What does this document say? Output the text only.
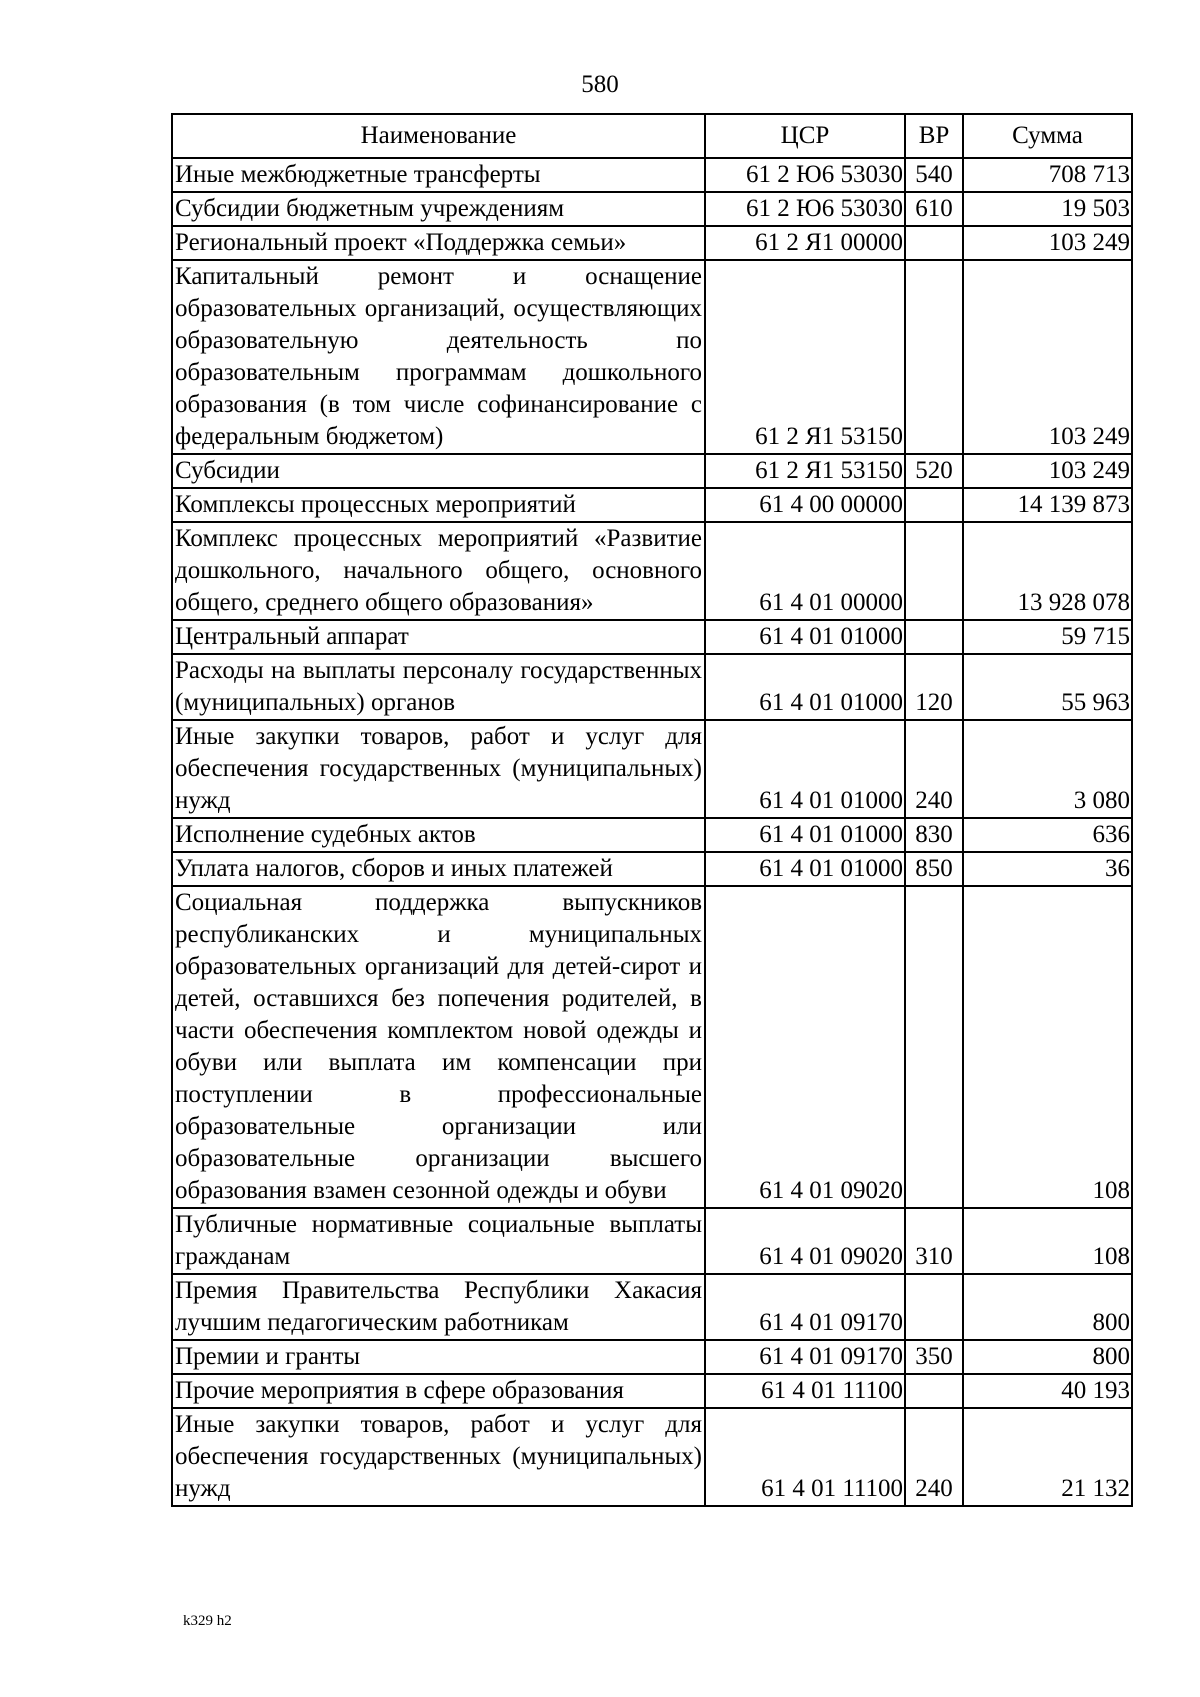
580
Наименование	ЦСР	ВР	Сумма
Иные межбюджетные трансферты	61 2 Ю6 53030	540	708 713
Субсидии бюджетным учреждениям	61 2 Ю6 53030	610	19 503
Региональный проект «Поддержка семьи»	61 2 Я1 00000		103 249
Капитальный ремонт и оснащение образовательных организаций, осуществляющих образовательную деятельность по образовательным программам дошкольного образования (в том числе софинансирование с федеральным бюджетом)	61 2 Я1 53150		103 249
Субсидии	61 2 Я1 53150	520	103 249
Комплексы процессных мероприятий	61 4 00 00000		14 139 873
Комплекс процессных мероприятий «Развитие дошкольного, начального общего, основного общего, среднего общего образования»	61 4 01 00000		13 928 078
Центральный аппарат	61 4 01 01000		59 715
Расходы на выплаты персоналу государственных (муниципальных) органов	61 4 01 01000	120	55 963
Иные закупки товаров, работ и услуг для обеспечения государственных (муниципальных) нужд	61 4 01 01000	240	3 080
Исполнение судебных актов	61 4 01 01000	830	636
Уплата налогов, сборов и иных платежей	61 4 01 01000	850	36
Социальная поддержка выпускников республиканских и муниципальных образовательных организаций для детей-сирот и детей, оставшихся без попечения родителей, в части обеспечения комплектом новой одежды и обуви или выплата им компенсации при поступлении в профессиональные образовательные организации или образовательные организации высшего образования взамен сезонной одежды и обуви	61 4 01 09020		108
Публичные нормативные социальные выплаты гражданам	61 4 01 09020	310	108
Премия Правительства Республики Хакасия лучшим педагогическим работникам	61 4 01 09170		800
Премии и гранты	61 4 01 09170	350	800
Прочие мероприятия в сфере образования	61 4 01 11100		40 193
Иные закупки товаров, работ и услуг для обеспечения государственных (муниципальных) нужд	61 4 01 11100	240	21 132
k329 h2
